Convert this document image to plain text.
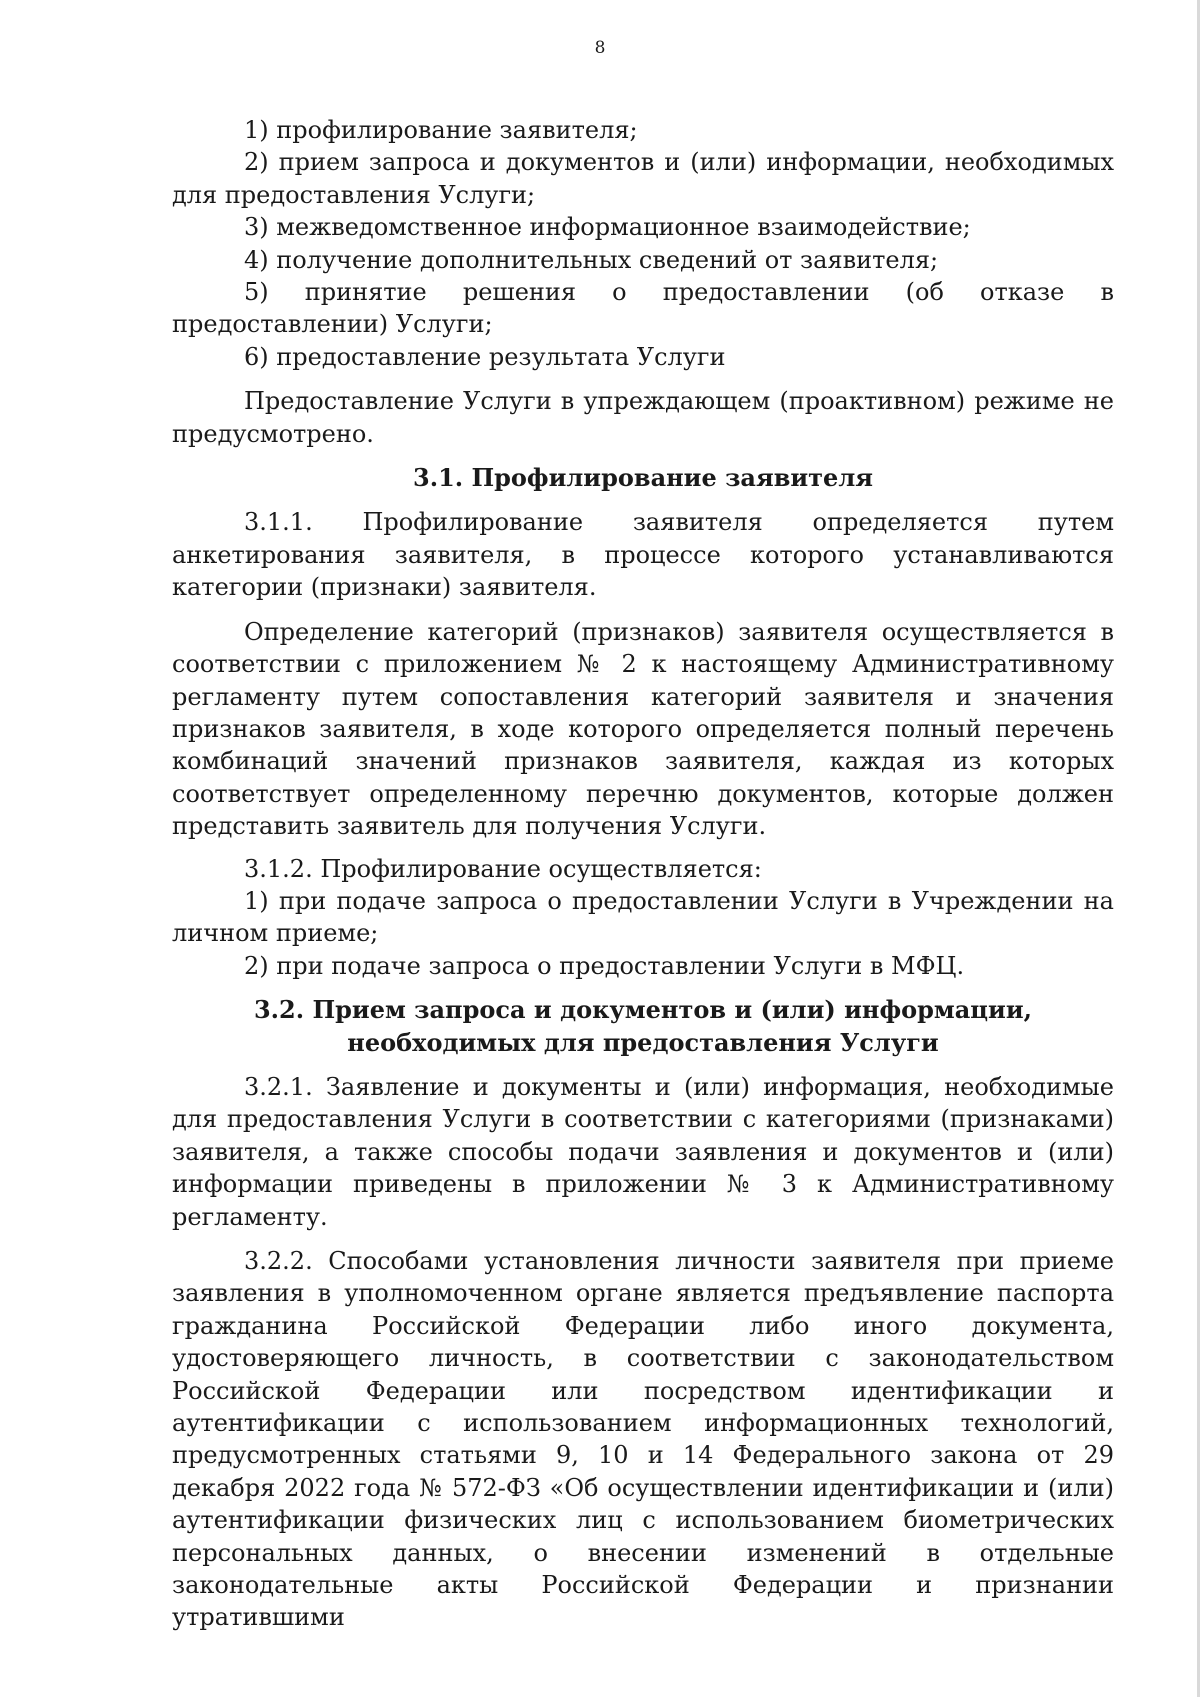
8

1) профилирование заявителя;

2) прием запроса и документов и (или) информации, необходимых для предоставления Услуги;

3) межведомственное информационное взаимодействие;

4) получение дополнительных сведений от заявителя;

5) принятие решения о предоставлении (об отказе в предоставлении) Услуги;

6) предоставление результата Услуги

Предоставление Услуги в упреждающем (проактивном) режиме не предусмотрено.

3.1. Профилирование заявителя

3.1.1. Профилирование заявителя определяется путем анкетирования заявителя, в процессе которого устанавливаются категории (признаки) заявителя.

Определение категорий (признаков) заявителя осуществляется в соответствии с приложением № 2 к настоящему Административному регламенту путем сопоставления категорий заявителя и значения признаков заявителя, в ходе которого определяется полный перечень комбинаций значений признаков заявителя, каждая из которых соответствует определенному перечню документов, которые должен представить заявитель для получения Услуги.

3.1.2. Профилирование осуществляется:

1) при подаче запроса о предоставлении Услуги в Учреждении на личном приеме;

2) при подаче запроса о предоставлении Услуги в МФЦ.

3.2. Прием запроса и документов и (или) информации, необходимых для предоставления Услуги

3.2.1. Заявление и документы и (или) информация, необходимые для предоставления Услуги в соответствии с категориями (признаками) заявителя, а также способы подачи заявления и документов и (или) информации приведены в приложении № 3 к Административному регламенту.

3.2.2. Способами установления личности заявителя при приеме заявления в уполномоченном органе является предъявление паспорта гражданина Российской Федерации либо иного документа, удостоверяющего личность, в соответствии с законодательством Российской Федерации или посредством идентификации и аутентификации с использованием информационных технологий, предусмотренных статьями 9, 10 и 14 Федерального закона от 29 декабря 2022 года № 572-ФЗ «Об осуществлении идентификации и (или) аутентификации физических лиц с использованием биометрических персональных данных, о внесении изменений в отдельные законодательные акты Российской Федерации и признании утратившими
